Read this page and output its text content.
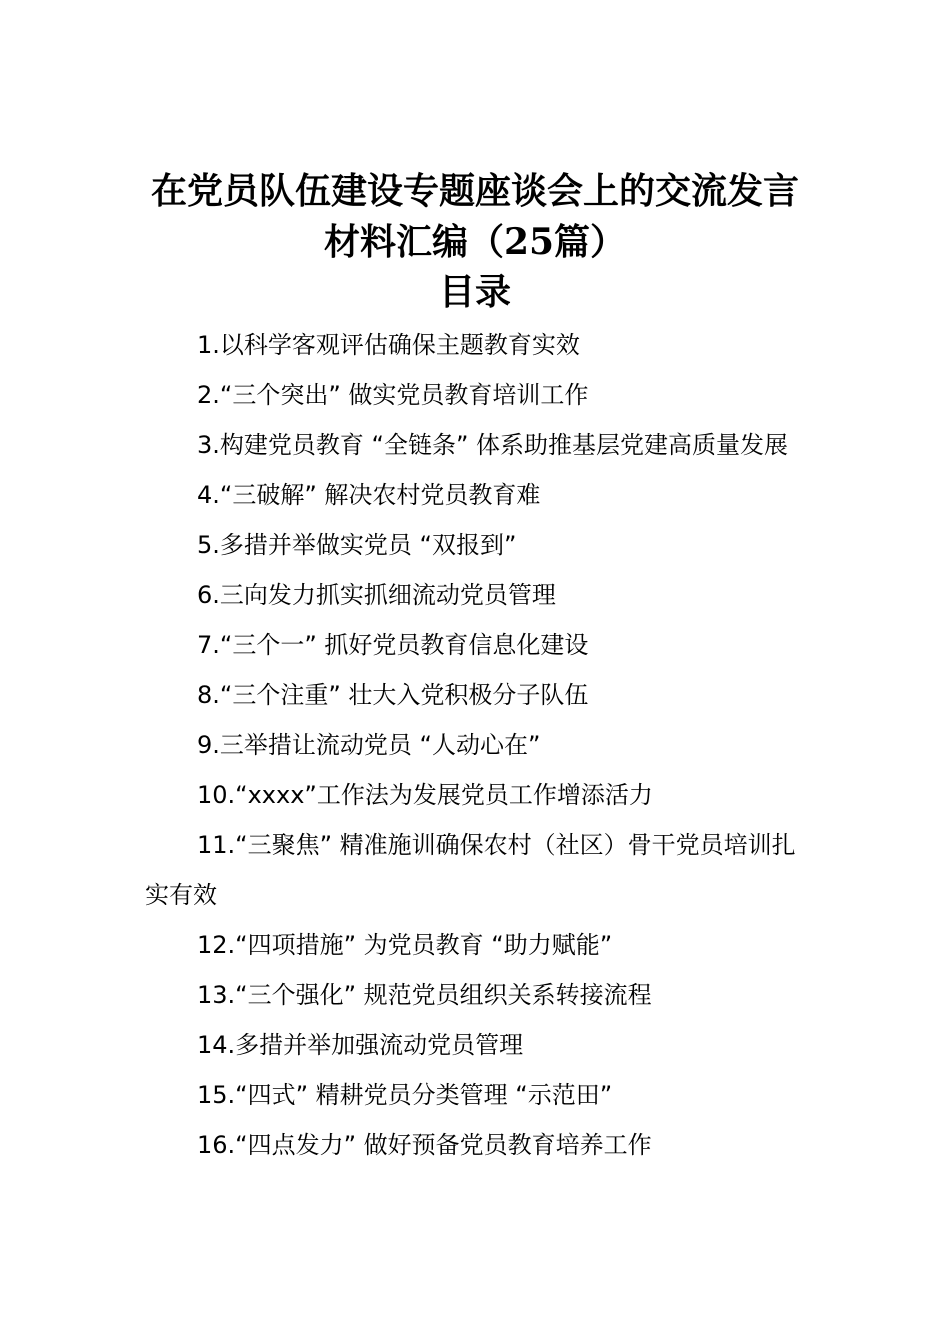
在党员队伍建设专题座谈会上的交流发言
材料汇编（25篇）
目录
1.以科学客观评估确保主题教育实效
2.“三个突出” 做实党员教育培训工作
3.构建党员教育 “全链条” 体系助推基层党建高质量发展
4.“三破解” 解决农村党员教育难
5.多措并举做实党员 “双报到”
6.三向发力抓实抓细流动党员管理
7.“三个一” 抓好党员教育信息化建设
8.“三个注重” 壮大入党积极分子队伍
9.三举措让流动党员 “人动心在”
10.“xxxx”工作法为发展党员工作增添活力
11.“三聚焦” 精准施训确保农村（社区）骨干党员培训扎实有效
12.“四项措施” 为党员教育 “助力赋能”
13.“三个强化” 规范党员组织关系转接流程
14.多措并举加强流动党员管理
15.“四式” 精耕党员分类管理 “示范田”
16.“四点发力” 做好预备党员教育培养工作
